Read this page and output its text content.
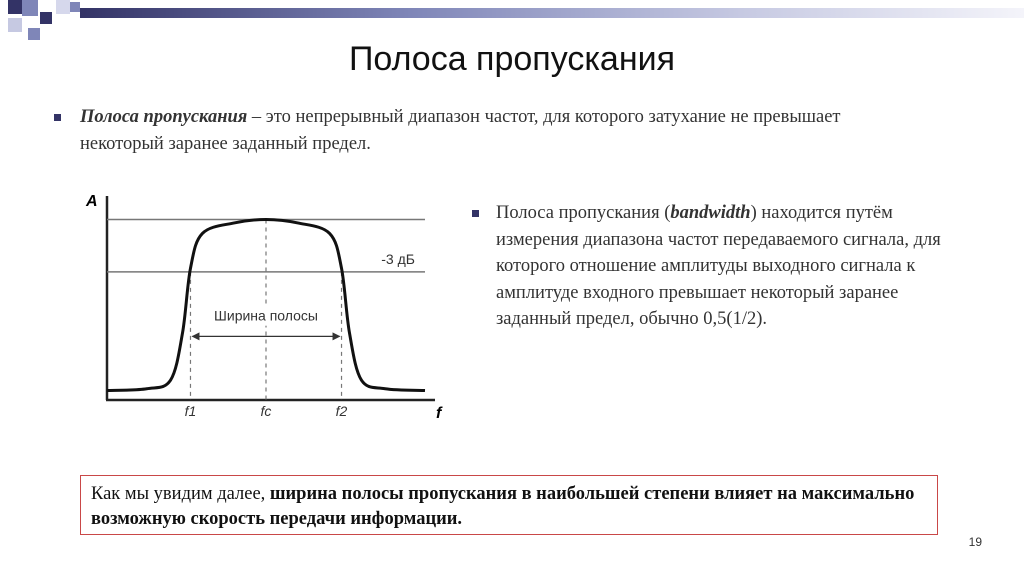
Полоса пропускания
Полоса пропускания – это непрерывный диапазон частот, для которого затухание не превышает некоторый заранее заданный предел.
A
f
-3 дБ
Ширина полосы
f1	fc	f2
Полоса пропускания (bandwidth) находится путём измерения диапазона частот передаваемого сигнала, для которого отношение амплитуды выходного сигнала к амплитуде входного превышает некоторый заранее заданный предел, обычно 0,5(1/2).
Как мы увидим далее, ширина полосы пропускания в наибольшей степени влияет на максимально возможную скорость передачи информации.
19
